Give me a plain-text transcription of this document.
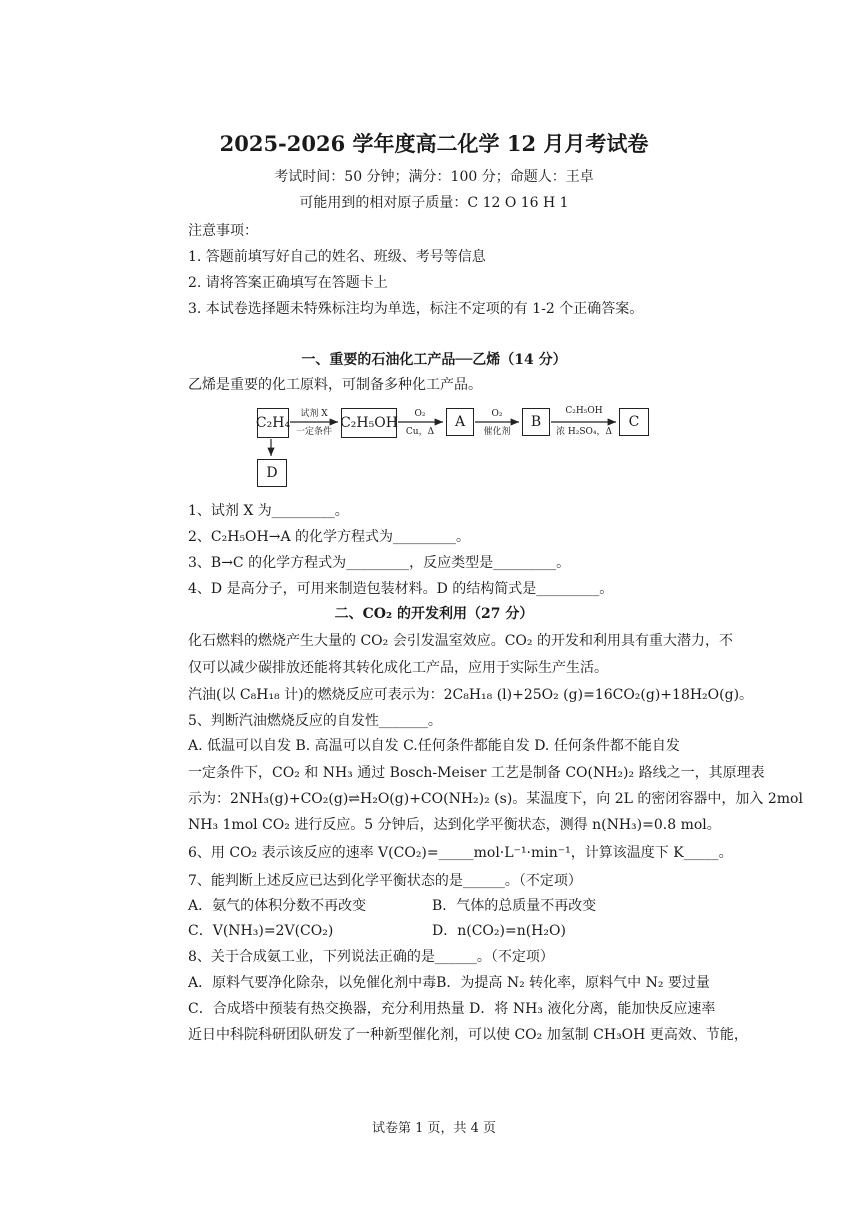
2025-2026 学年度高二化学 12 月月考试卷
考试时间：50 分钟；满分：100 分；命题人：王卓
可能用到的相对原子质量：C 12 O 16 H 1
注意事项：
1. 答题前填写好自己的姓名、班级、考号等信息
2. 请将答案正确填写在答题卡上
3. 本试卷选择题未特殊标注均为单选，标注不定项的有 1-2 个正确答案。
一、重要的石油化工产品──乙烯（14 分）
乙烯是重要的化工原料，可制备多种化工产品。
C₂H₄	C₂H₅OH	A	B	C
D
试剂 X
一定条件
O₂
Cu，Δ
O₂
催化剂
C₂H₅OH
浓 H₂SO₄，Δ
1、试剂 X 为_________。
2、C₂H₅OH→A 的化学方程式为_________。
3、B→C 的化学方程式为_________，反应类型是_________。
4、D 是高分子，可用来制造包装材料。D 的结构简式是_________。
二、CO₂ 的开发利用（27 分）
化石燃料的燃烧产生大量的 CO₂ 会引发温室效应。CO₂ 的开发和利用具有重大潜力，不
仅可以减少碳排放还能将其转化成化工产品，应用于实际生产生活。
汽油(以 C₈H₁₈ 计)的燃烧反应可表示为：2C₈H₁₈ (l)+25O₂ (g)=16CO₂(g)+18H₂O(g)。
5、判断汽油燃烧反应的自发性_______。
A. 低温可以自发 B. 高温可以自发 C.任何条件都能自发 D. 任何条件都不能自发
一定条件下，CO₂ 和 NH₃ 通过 Bosch-Meiser 工艺是制备 CO(NH₂)₂ 路线之一，其原理表
示为：2NH₃(g)+CO₂(g)⇌H₂O(g)+CO(NH₂)₂ (s)。某温度下，向 2L 的密闭容器中，加入 2mol
NH₃ 1mol CO₂ 进行反应。5 分钟后，达到化学平衡状态，测得 n(NH₃)=0.8 mol。
6、用 CO₂ 表示该反应的速率 V(CO₂)=_____mol·L⁻¹·min⁻¹，计算该温度下 K_____。
7、能判断上述反应已达到化学平衡状态的是______。（不定项）
A．氨气的体积分数不再改变	B．气体的总质量不再改变
C．V(NH₃)=2V(CO₂)	D．n(CO₂)=n(H₂O)
8、关于合成氨工业，下列说法正确的是______。（不定项）
A．原料气要净化除杂，以免催化剂中毒B．为提高 N₂ 转化率，原料气中 N₂ 要过量
C．合成塔中预装有热交换器，充分利用热量 D．将 NH₃ 液化分离，能加快反应速率
近日中科院科研团队研发了一种新型催化剂，可以使 CO₂ 加氢制 CH₃OH 更高效、节能，
试卷第 1 页，共 4 页
